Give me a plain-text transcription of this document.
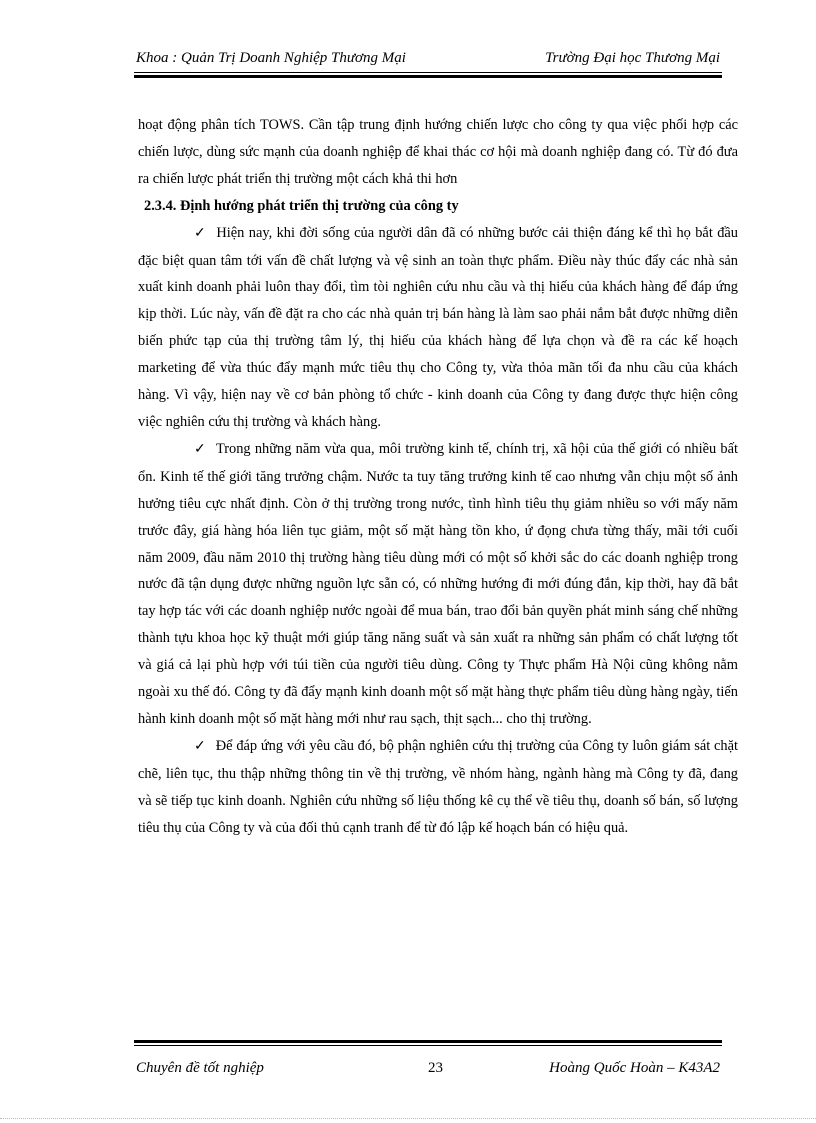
Khoa : Quản Trị Doanh Nghiệp Thương Mại	Trường Đại học Thương Mại

hoạt động phân tích TOWS. Cần tập trung định hướng chiến lược cho công ty qua việc phối hợp các chiến lược, dùng sức mạnh của doanh nghiệp để khai thác cơ hội mà doanh nghiệp đang có. Từ đó đưa ra chiến lược phát triển thị trường một cách khả thi hơn

2.3.4. Định hướng phát triển thị trường của công ty

✓ Hiện nay, khi đời sống của người dân đã có những bước cải thiện đáng kể thì họ bắt đầu đặc biệt quan tâm tới vấn đề chất lượng và vệ sinh an toàn thực phẩm. Điều này thúc đẩy các nhà sản xuất kinh doanh phải luôn thay đổi, tìm tòi nghiên cứu nhu cầu và thị hiếu của khách hàng để đáp ứng kịp thời. Lúc này, vấn đề đặt ra cho các nhà quản trị bán hàng là làm sao phải nắm bắt được những diễn biến phức tạp của thị trường tâm lý, thị hiếu của khách hàng để lựa chọn và đề ra các kế hoạch marketing để vừa thúc đẩy mạnh mức tiêu thụ cho Công ty, vừa thỏa mãn tối đa nhu cầu của khách hàng. Vì vậy, hiện nay về cơ bản phòng tổ chức - kinh doanh của Công ty đang được thực hiện công việc nghiên cứu thị trường và khách hàng.

✓ Trong những năm vừa qua, môi trường kinh tế, chính trị, xã hội của thế giới có nhiều bất ổn. Kinh tế thế giới tăng trưởng chậm. Nước ta tuy tăng trưởng kinh tế cao nhưng vẫn chịu một số ảnh hưởng tiêu cực nhất định. Còn ở thị trường trong nước, tình hình tiêu thụ giảm nhiều so với mấy năm trước đây, giá hàng hóa liên tục giảm, một số mặt hàng tồn kho, ứ đọng chưa từng thấy, mãi tới cuối năm 2009, đầu năm 2010 thị trường hàng tiêu dùng mới có một số khởi sắc do các doanh nghiệp trong nước đã tận dụng được những nguồn lực sẵn có, có những hướng đi mới đúng đắn, kịp thời, hay đã bắt tay hợp tác với các doanh nghiệp nước ngoài để mua bán, trao đổi bản quyền phát minh sáng chế những thành tựu khoa học kỹ thuật mới giúp tăng năng suất và sản xuất ra những sản phẩm có chất lượng tốt và giá cả lại phù hợp với túi tiền của người tiêu dùng. Công ty Thực phẩm Hà Nội cũng không nằm ngoài xu thế đó. Công ty đã đẩy mạnh kinh doanh một số mặt hàng thực phẩm tiêu dùng hàng ngày, tiến hành kinh doanh một số mặt hàng mới như rau sạch, thịt sạch... cho thị trường.

✓ Để đáp ứng với yêu cầu đó, bộ phận nghiên cứu thị trường của Công ty luôn giám sát chặt chẽ, liên tục, thu thập những thông tin về thị trường, về nhóm hàng, ngành hàng mà Công ty đã, đang và sẽ tiếp tục kinh doanh. Nghiên cứu những số liệu thống kê cụ thể về tiêu thụ, doanh số bán, số lượng tiêu thụ của Công ty và của đối thủ cạnh tranh để từ đó lập kế hoạch bán có hiệu quả.

Chuyên đề tốt nghiệp	23	Hoàng Quốc Hoàn – K43A2
